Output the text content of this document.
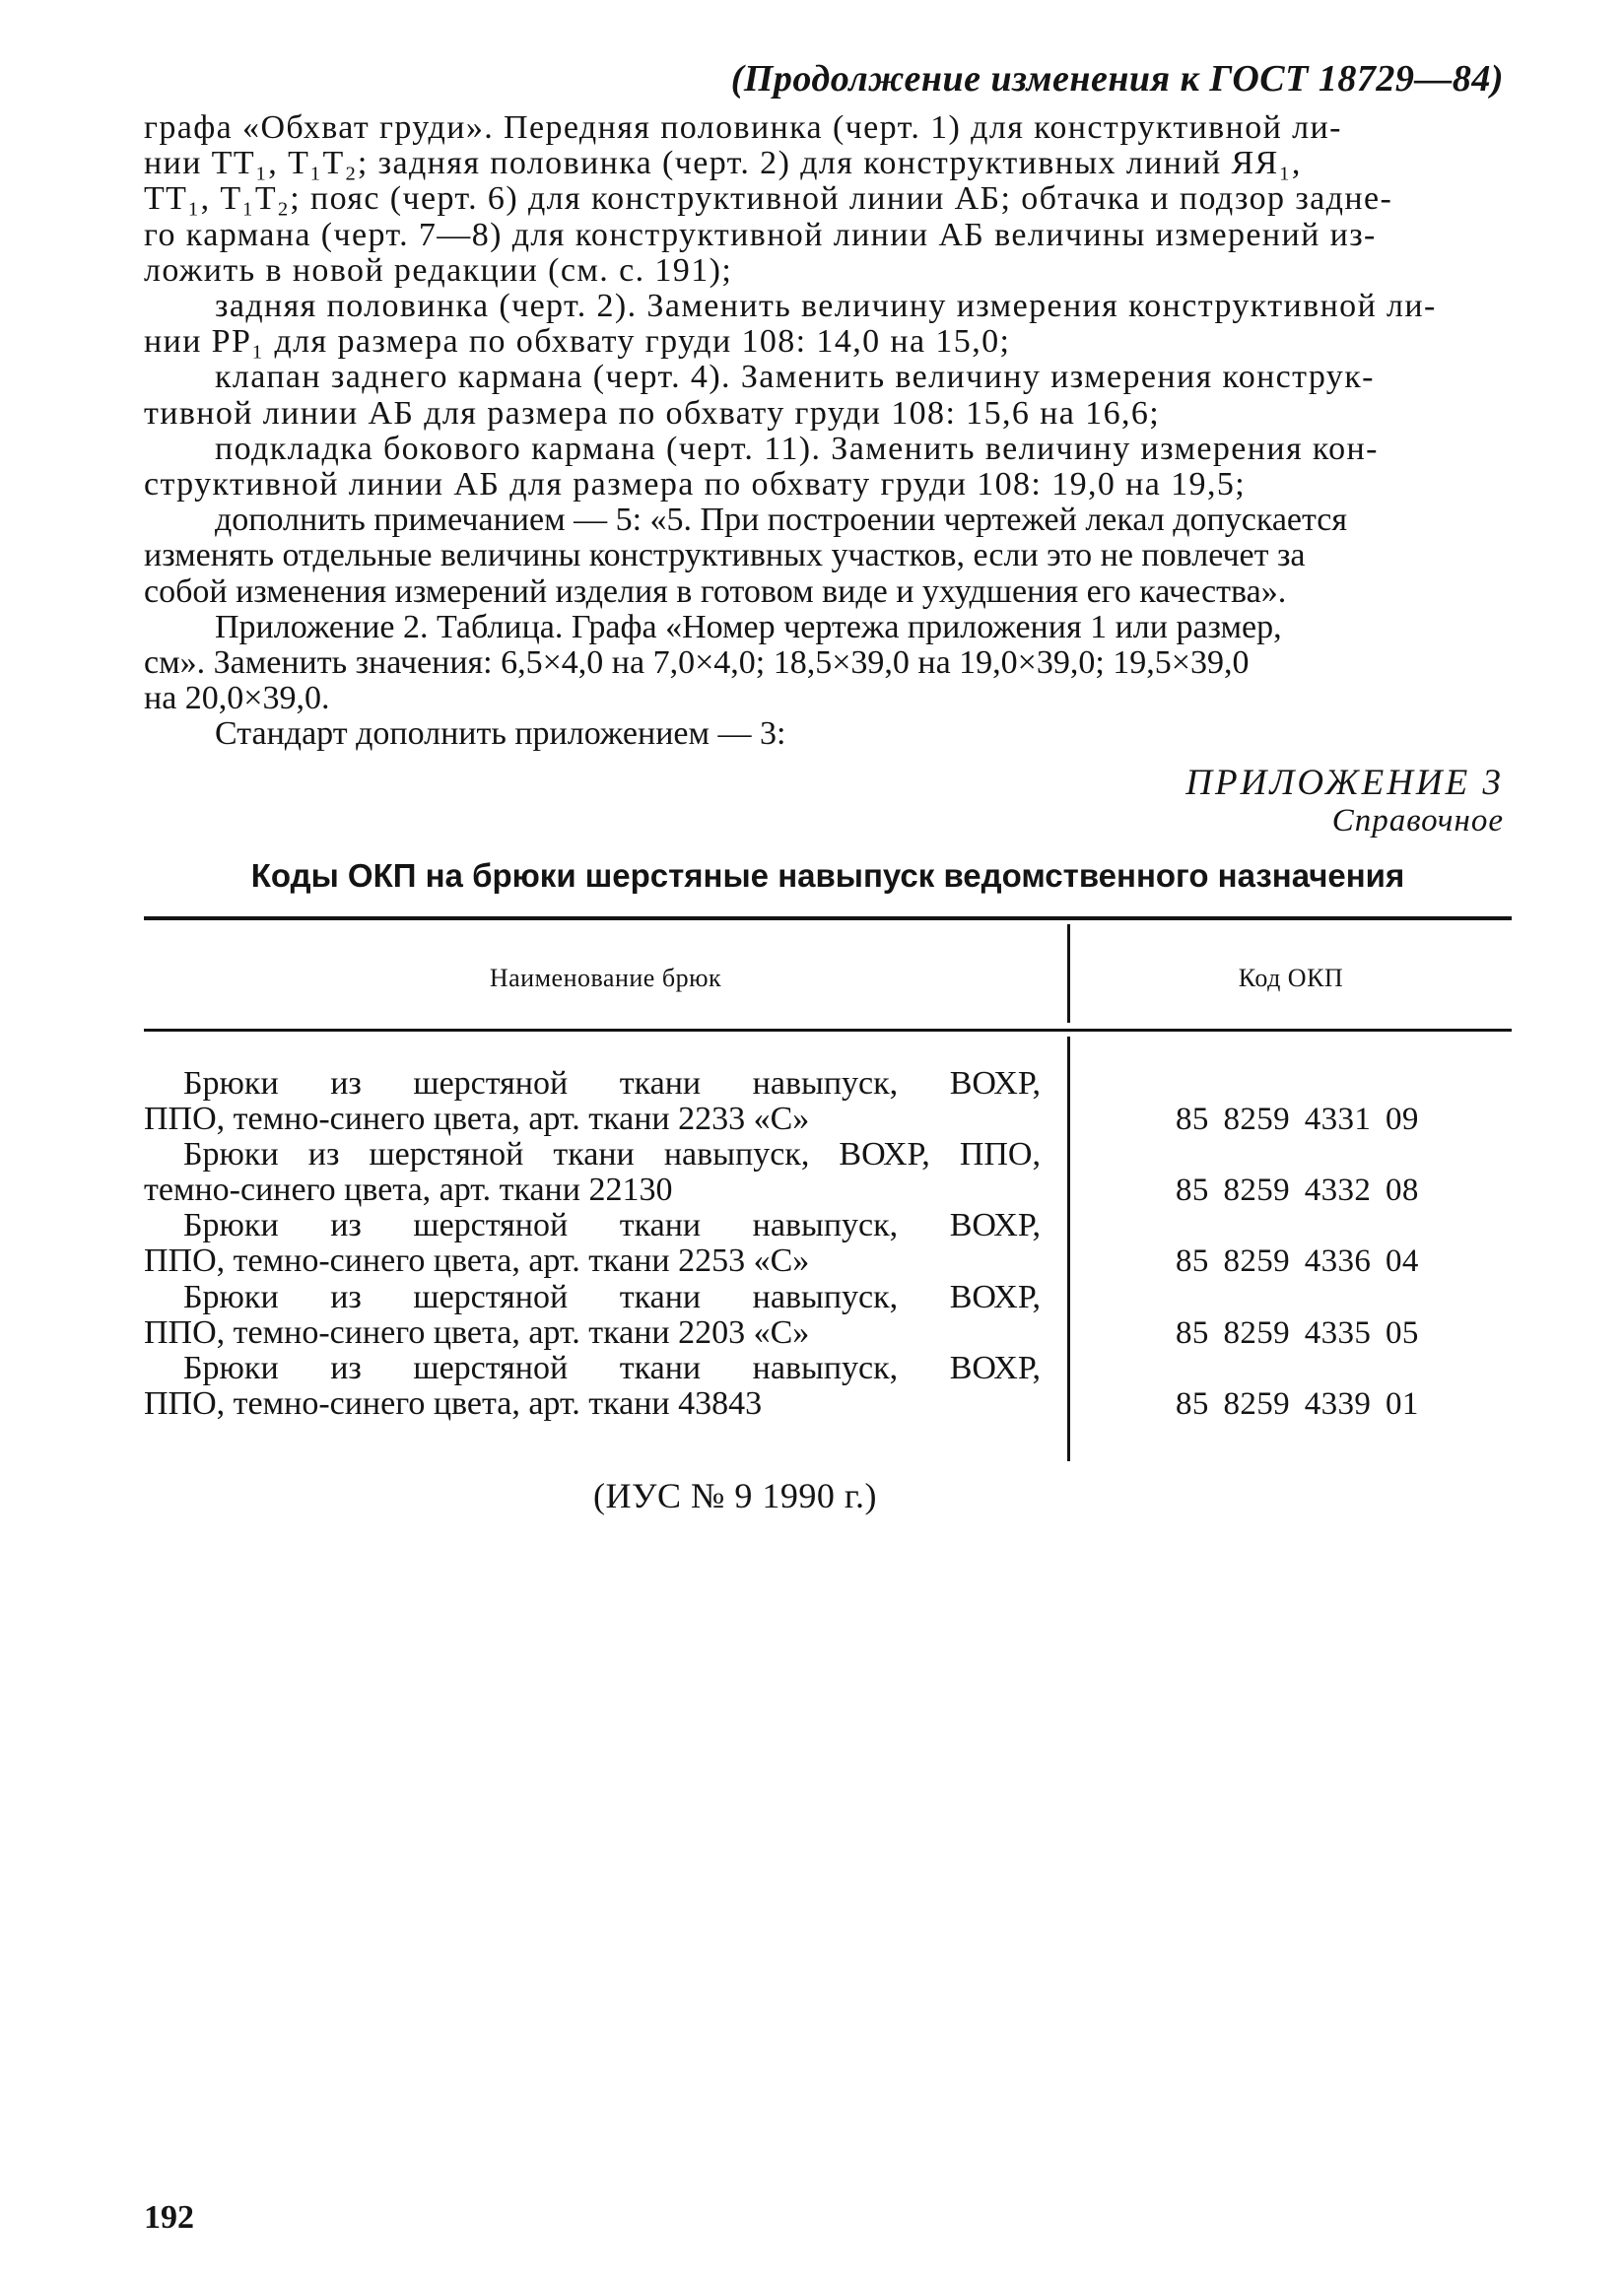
(Продолжение изменения к ГОСТ 18729—84)

графа «Обхват груди». Передняя половинка (черт. 1) для конструктивной ли-
нии ТТ₁, Т₁Т₂; задняя половинка (черт. 2) для конструктивных линий ЯЯ₁,
ТТ₁, Т₁Т₂; пояс (черт. 6) для конструктивной линии АБ; обтачка и подзор задне-
го кармана (черт. 7—8) для конструктивной линии АБ величины измерений из-
ложить в новой редакции (см. с. 191);

задняя половинка (черт. 2). Заменить величину измерения конструктивной ли-
нии РР₁ для размера по обхвату груди 108: 14,0 на 15,0;

клапан заднего кармана (черт. 4). Заменить величину измерения конструк-
тивной линии АБ для размера по обхвату груди 108: 15,6 на 16,6;

подкладка бокового кармана (черт. 11). Заменить величину измерения кон-
структивной линии АБ для размера по обхвату груди 108: 19,0 на 19,5;

дополнить примечанием — 5: «5. При построении чертежей лекал допускается
изменять отдельные величины конструктивных участков, если это не повлечет за
собой изменения измерений изделия в готовом виде и ухудшения его качества».

Приложение 2. Таблица. Графа «Номер чертежа приложения 1 или размер,
см». Заменить значения: 6,5×4,0 на 7,0×4,0; 18,5×39,0 на 19,0×39,0; 19,5×39,0
на 20,0×39,0.

Стандарт дополнить приложением — 3:

ПРИЛОЖЕНИЕ 3
Справочное
Коды ОКП на брюки шерстяные навыпуск ведомственного назначения
Наименование брюк	Код ОКП
Брюки из шерстяной ткани навыпуск, ВОХР,
ППО, темно-синего цвета, арт. ткани 2233 «С»	85 8259 4331 09
Брюки из шерстяной ткани навыпуск, ВОХР, ППО,
темно-синего цвета, арт. ткани 22130	85 8259 4332 08
Брюки из шерстяной ткани навыпуск, ВОХР,
ППО, темно-синего цвета, арт. ткани 2253 «С»	85 8259 4336 04
Брюки из шерстяной ткани навыпуск, ВОХР,
ППО, темно-синего цвета, арт. ткани 2203 «С»	85 8259 4335 05
Брюки из шерстяной ткани навыпуск, ВОХР,
ППО, темно-синего цвета, арт. ткани 43843	85 8259 4339 01
(ИУС № 9 1990 г.)
192
